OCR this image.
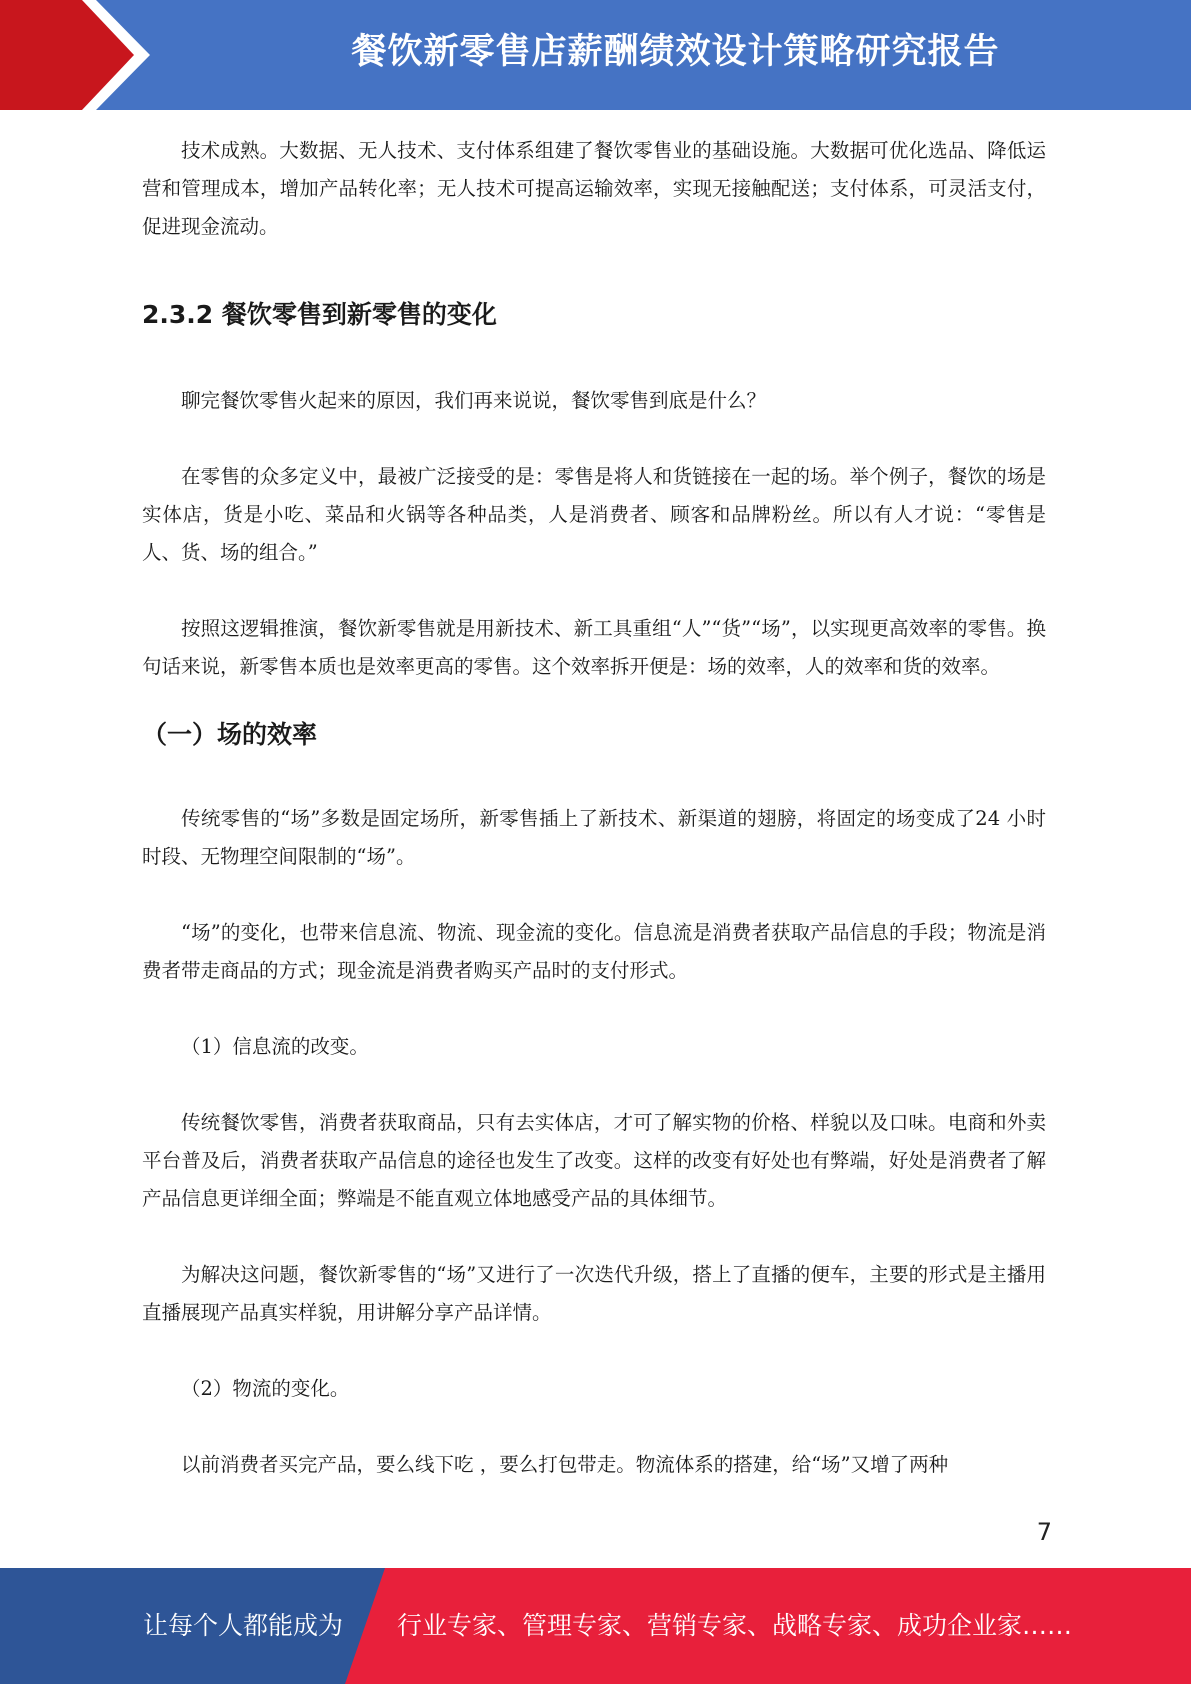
餐饮新零售店薪酬绩效设计策略研究报告

技术成熟。大数据、无人技术、支付体系组建了餐饮零售业的基础设施。大数据可优化选品、降低运营和管理成本，增加产品转化率；无人技术可提高运输效率，实现无接触配送；支付体系，可灵活支付，促进现金流动。

2.3.2 餐饮零售到新零售的变化

聊完餐饮零售火起来的原因，我们再来说说，餐饮零售到底是什么？

在零售的众多定义中，最被广泛接受的是：零售是将人和货链接在一起的场。举个例子，餐饮的场是实体店，货是小吃、菜品和火锅等各种品类，人是消费者、顾客和品牌粉丝。所以有人才说：“零售是人、货、场的组合。”

按照这逻辑推演，餐饮新零售就是用新技术、新工具重组“人”“货”“场”，以实现更高效率的零售。换句话来说，新零售本质也是效率更高的零售。这个效率拆开便是：场的效率，人的效率和货的效率。

（一）场的效率

传统零售的“场”多数是固定场所，新零售插上了新技术、新渠道的翅膀，将固定的场变成了24 小时时段、无物理空间限制的“场”。

“场”的变化，也带来信息流、物流、现金流的变化。信息流是消费者获取产品信息的手段；物流是消费者带走商品的方式；现金流是消费者购买产品时的支付形式。

（1）信息流的改变。

传统餐饮零售，消费者获取商品，只有去实体店，才可了解实物的价格、样貌以及口味。电商和外卖平台普及后，消费者获取产品信息的途径也发生了改变。这样的改变有好处也有弊端，好处是消费者了解产品信息更详细全面；弊端是不能直观立体地感受产品的具体细节。

为解决这问题，餐饮新零售的“场”又进行了一次迭代升级，搭上了直播的便车，主要的形式是主播用直播展现产品真实样貌，用讲解分享产品详情。

（2）物流的变化。

以前消费者买完产品，要么线下吃 ，要么打包带走。物流体系的搭建，给“场”又增了两种

7
让每个人都能成为 行业专家、管理专家、营销专家、战略专家、成功企业家……
